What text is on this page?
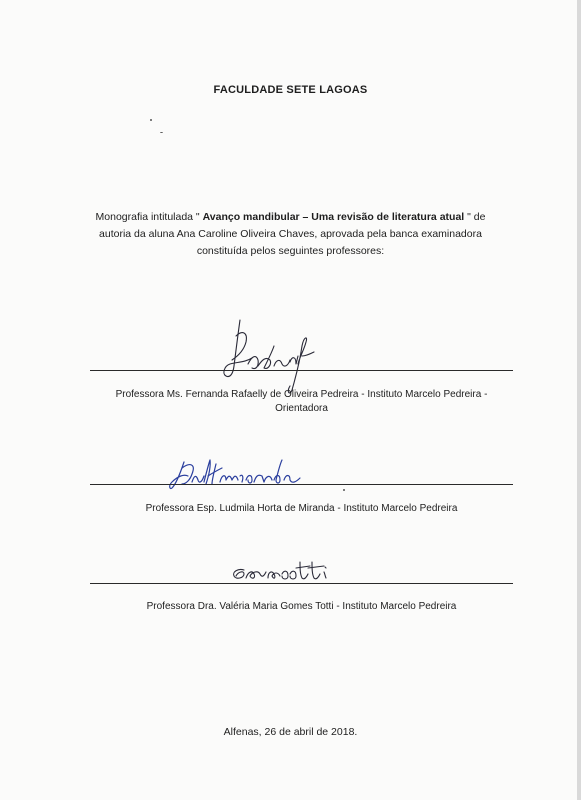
FACULDADE SETE LAGOAS
Monografia intitulada " Avanço mandibular – Uma revisão de literatura atual " de autoria da aluna Ana Caroline Oliveira Chaves, aprovada pela banca examinadora constituída pelos seguintes professores:
Professora Ms. Fernanda Rafaelly de Oliveira Pedreira - Instituto Marcelo Pedreira - Orientadora
Professora Esp. Ludmila Horta de Miranda - Instituto Marcelo Pedreira
Professora Dra. Valéria Maria Gomes Totti - Instituto Marcelo Pedreira
Alfenas, 26 de abril de 2018.
